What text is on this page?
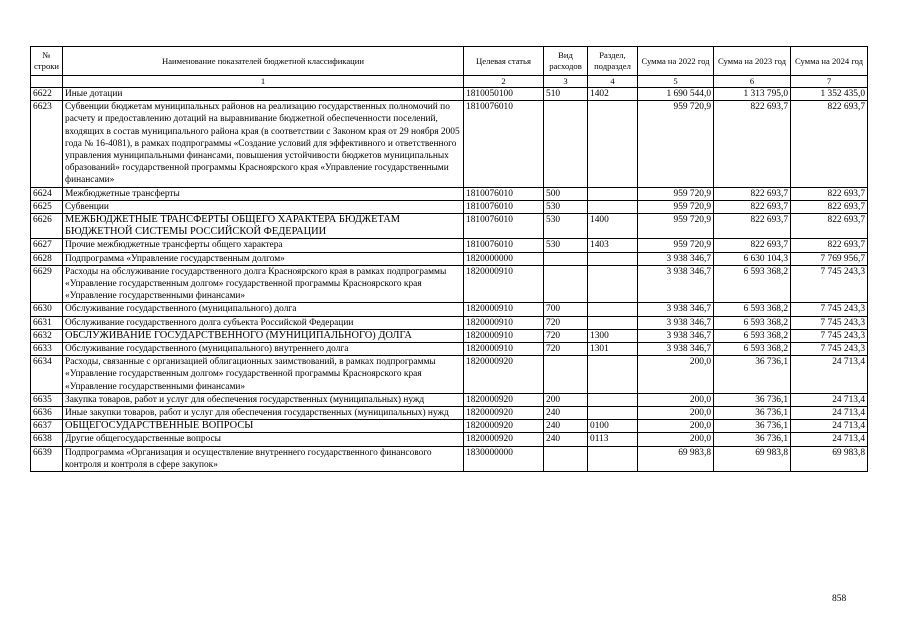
№ строки	Наименование показателей бюджетной классификации	Целевая статья	Вид расходов	Раздел, подраздел	Сумма на 2022 год	Сумма на 2023 год	Сумма на 2024 год
	1	2	3	4	5	6	7
6622	Иные дотации	1810050100	510	1402	1 690 544,0	1 313 795,0	1 352 435,0
6623	Субвенции бюджетам муниципальных районов на реализацию государственных полномочий по расчету и предоставлению дотаций на выравнивание бюджетной обеспеченности поселений, входящих в состав муниципального района края (в соответствии с Законом края от 29 ноября 2005 года № 16-4081), в рамках подпрограммы «Создание условий для эффективного и ответственного управления муниципальными финансами, повышения устойчивости бюджетов муниципальных образований» государственной программы Красноярского края «Управление государственными финансами»	1810076010			959 720,9	822 693,7	822 693,7
6624	Межбюджетные трансферты	1810076010	500		959 720,9	822 693,7	822 693,7
6625	Субвенции	1810076010	530		959 720,9	822 693,7	822 693,7
6626	МЕЖБЮДЖЕТНЫЕ ТРАНСФЕРТЫ ОБЩЕГО ХАРАКТЕРА БЮДЖЕТАМ БЮДЖЕТНОЙ СИСТЕМЫ РОССИЙСКОЙ ФЕДЕРАЦИИ	1810076010	530	1400	959 720,9	822 693,7	822 693,7
6627	Прочие межбюджетные трансферты общего характера	1810076010	530	1403	959 720,9	822 693,7	822 693,7
6628	Подпрограмма «Управление государственным долгом»	1820000000			3 938 346,7	6 630 104,3	7 769 956,7
6629	Расходы на обслуживание государственного долга Красноярского края в рамках подпрограммы «Управление государственным долгом» государственной программы Красноярского края «Управление государственными финансами»	1820000910			3 938 346,7	6 593 368,2	7 745 243,3
6630	Обслуживание государственного (муниципального) долга	1820000910	700		3 938 346,7	6 593 368,2	7 745 243,3
6631	Обслуживание государственного долга субъекта Российской Федерации	1820000910	720		3 938 346,7	6 593 368,2	7 745 243,3
6632	ОБСЛУЖИВАНИЕ ГОСУДАРСТВЕННОГО (МУНИЦИПАЛЬНОГО) ДОЛГА	1820000910	720	1300	3 938 346,7	6 593 368,2	7 745 243,3
6633	Обслуживание государственного (муниципального) внутреннего долга	1820000910	720	1301	3 938 346,7	6 593 368,2	7 745 243,3
6634	Расходы, связанные с организацией облигационных заимствований, в рамках подпрограммы «Управление государственным долгом» государственной программы Красноярского края «Управление государственными финансами»	1820000920			200,0	36 736,1	24 713,4
6635	Закупка товаров, работ и услуг для обеспечения государственных (муниципальных) нужд	1820000920	200		200,0	36 736,1	24 713,4
6636	Иные закупки товаров, работ и услуг для обеспечения государственных (муниципальных) нужд	1820000920	240		200,0	36 736,1	24 713,4
6637	ОБЩЕГОСУДАРСТВЕННЫЕ ВОПРОСЫ	1820000920	240	0100	200,0	36 736,1	24 713,4
6638	Другие общегосударственные вопросы	1820000920	240	0113	200,0	36 736,1	24 713,4
6639	Подпрограмма «Организация и осуществление внутреннего государственного финансового контроля и контроля в сфере закупок»	1830000000			69 983,8	69 983,8	69 983,8
858
